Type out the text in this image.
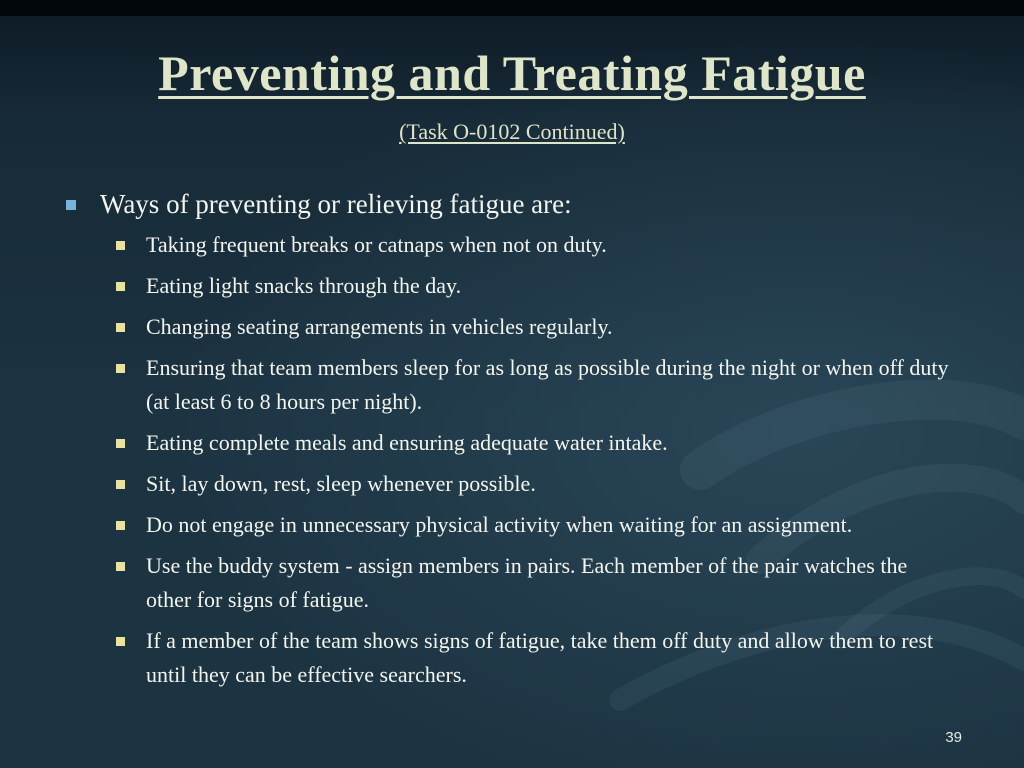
Preventing and Treating Fatigue
(Task O-0102 Continued)
Ways of preventing or relieving fatigue are:
Taking frequent breaks or catnaps when not on duty.
Eating light snacks through the day.
Changing seating arrangements in vehicles regularly.
Ensuring that team members sleep for as long as possible during the night or when off duty (at least 6 to 8 hours per night).
Eating complete meals and ensuring adequate water intake.
Sit, lay down, rest, sleep whenever possible.
Do not engage in unnecessary physical activity when waiting for an assignment.
Use the buddy system - assign members in pairs. Each member of the pair watches the other for signs of fatigue.
If a member of the team shows signs of fatigue, take them off duty and allow them to rest until they can be effective searchers.
39
